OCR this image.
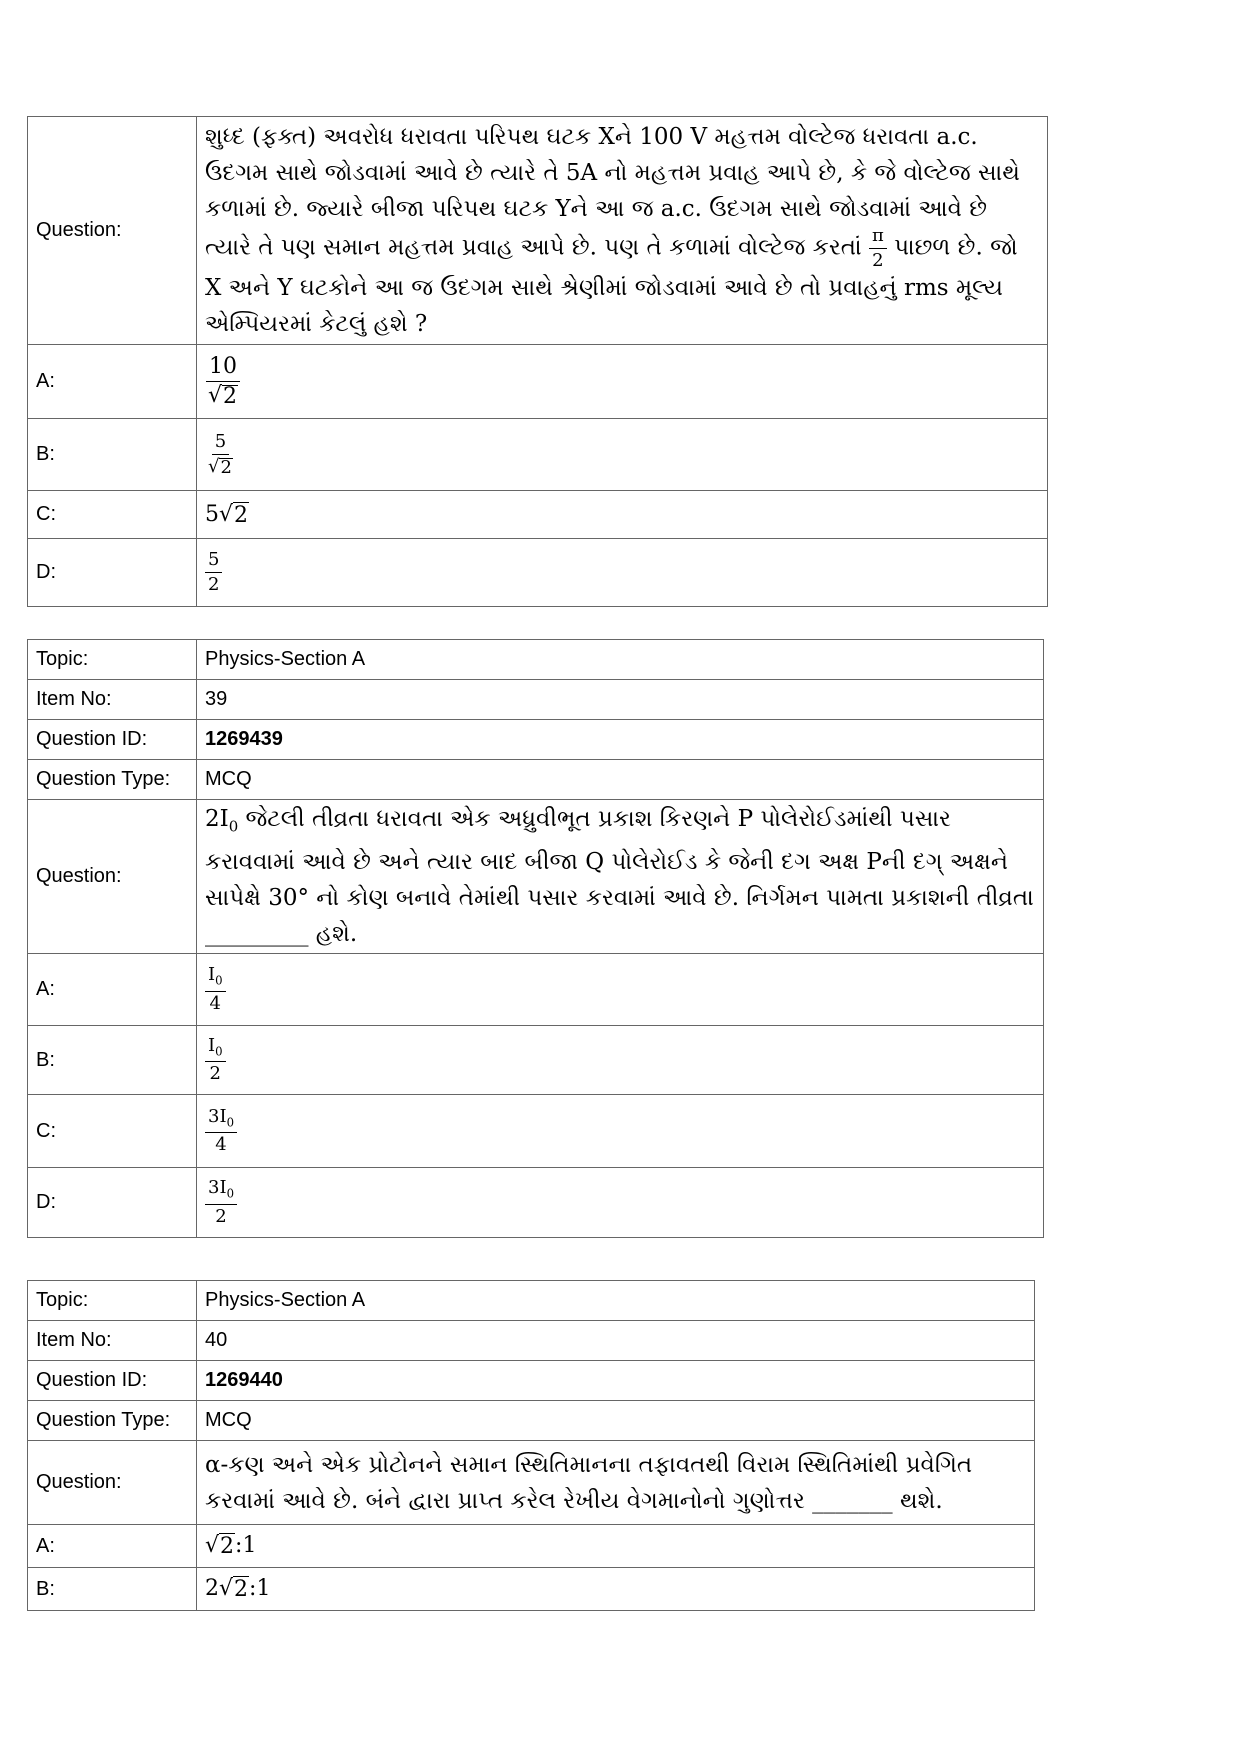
Question:	શુધ્દ (ફક્ત) અવરોધ ધરાવતા પરિપથ ઘટક Xને 100 V મહત્તમ વોલ્ટેજ ધરાવતા a.c. ઉદગમ સાથે જોડવામાં આવે છે ત્યારે તે 5A નો મહત્તમ પ્રવાહ આપે છે, કે જે વોલ્ટેજ સાથે કળામાં છે. જ્યારે બીજા પરિપથ ઘટક Yને આ જ a.c. ઉદગમ સાથે જોડવામાં આવે છે ત્યારે તે પણ સમાન મહત્તમ પ્રવાહ આપે છે. પણ તે કળામાં વોલ્ટેજ કરતાં $\frac{\pi}{2}$ પાછળ છે. જો X અને Y ઘટકોને આ જ ઉદગમ સાથે શ્રેણીમાં જોડવામાં આવે છે તો પ્રવાહનું rms મૂલ્ય એમ્પિયરમાં કેટલું હશે ?
A:	$\frac{10}{√ 2}$

B:	$\frac{5}{√ 2}$

C:	5 √ 2

D:	$\frac{5}{2}$
Topic:	Physics-Section A
Item No:	39
Question ID:	1269439
Question Type:	MCQ
Question:	$2I_0$ જેટલી તીવ્રતા ધરાવતા એક અધ્રુવીભૂત પ્રકાશ કિરણને P પોલેરોઈડમાંથી પસાર કરાવવામાં આવે છે અને ત્યાર બાદ બીજા Q પોલેરોઈડ કે જેની દગ અક્ષ Pની દગ્ અક્ષને સાપેક્ષે 30° નો કોણ બનાવે તેમાંથી પસાર કરવામાં આવે છે. નિર્ગમન પામતા પ્રકાશની તીવ્રતા _________ હશે.
A:	$\frac{I_0}{4}$

B:	$\frac{I_0}{2}$

C:	$\frac{3I_0}{4}$

D:	$\frac{3I_0}{2}$
Topic:	Physics-Section A
Item No:	40
Question ID:	1269440
Question Type:	MCQ
Question:	α-કણ અને એક પ્રોટોનને સમાન સ્થિતિમાનના તફાવતથી વિરામ સ્થિતિમાંથી પ્રવેગિત કરવામાં આવે છે. બંને દ્વારા પ્રાપ્ત કરેલ રેખીય વેગમાનોનો ગુણોત્તર _______ થશે.
A:	√ 2 :1
B:	2 √ 2 :1
